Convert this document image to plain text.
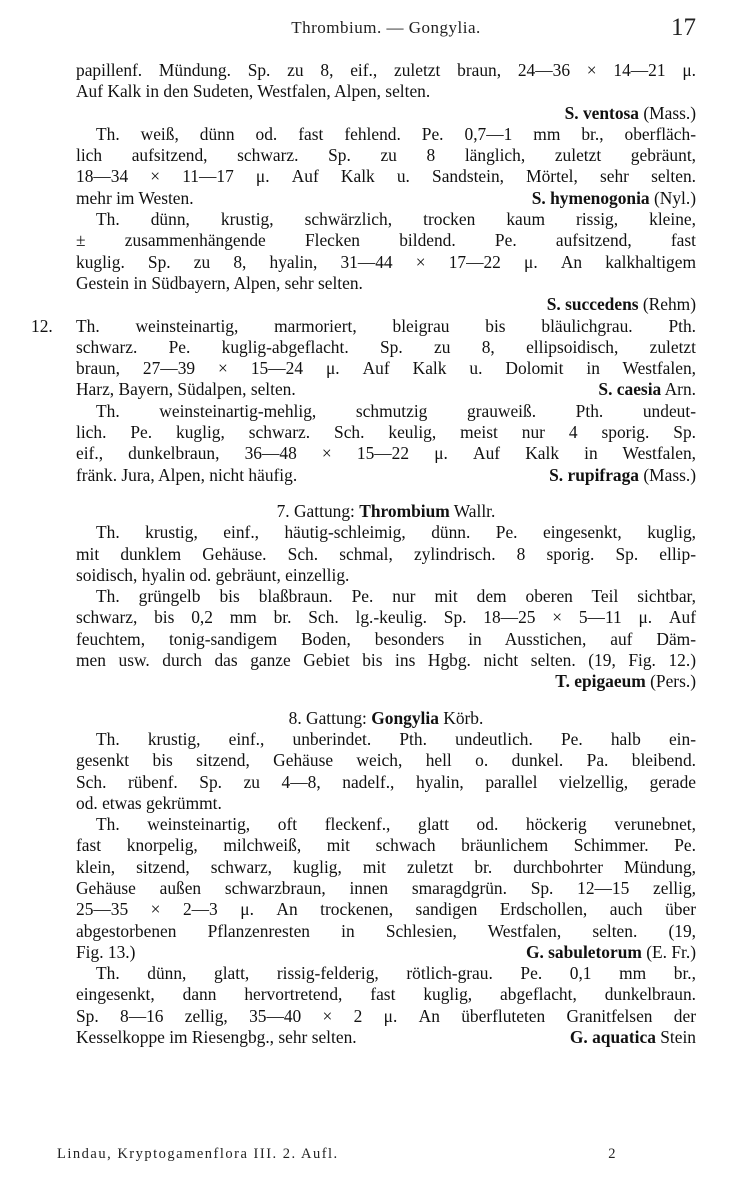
Thrombium. — Gongylia.	17
papillenf. Mündung. Sp. zu 8, eif., zuletzt braun, 24—36 × 14—21 μ.
Auf Kalk in den Sudeten, Westfalen, Alpen, selten.
S. ventosa (Mass.)
Th. weiß, dünn od. fast fehlend. Pe. 0,7—1 mm br., oberfläch-
lich aufsitzend, schwarz. Sp. zu 8 länglich, zuletzt gebräunt,
18—34 × 11—17 μ. Auf Kalk u. Sandstein, Mörtel, sehr selten.
mehr im Westen.	S. hymenogonia (Nyl.)
Th. dünn, krustig, schwärzlich, trocken kaum rissig, kleine,
± zusammenhängende Flecken bildend. Pe. aufsitzend, fast
kuglig. Sp. zu 8, hyalin, 31—44 × 17—22 μ. An kalkhaltigem
Gestein in Südbayern, Alpen, sehr selten.
S. succedens (Rehm)
12. Th. weinsteinartig, marmoriert, bleigrau bis bläulichgrau. Pth.
schwarz. Pe. kuglig-abgeflacht. Sp. zu 8, ellipsoidisch, zuletzt
braun, 27—39 × 15—24 μ. Auf Kalk u. Dolomit in Westfalen,
Harz, Bayern, Südalpen, selten.	S. caesia Arn.
Th. weinsteinartig-mehlig, schmutzig grauweiß. Pth. undeut-
lich. Pe. kuglig, schwarz. Sch. keulig, meist nur 4 sporig. Sp.
eif., dunkelbraun, 36—48 × 15—22 μ. Auf Kalk in Westfalen,
fränk. Jura, Alpen, nicht häufig.	S. rupifraga (Mass.)
7. Gattung: Thrombium Wallr.
Th. krustig, einf., häutig-schleimig, dünn. Pe. eingesenkt, kuglig,
mit dunklem Gehäuse. Sch. schmal, zylindrisch. 8 sporig. Sp. ellip-
soidisch, hyalin od. gebräunt, einzellig.
Th. grüngelb bis blaßbraun. Pe. nur mit dem oberen Teil sichtbar,
schwarz, bis 0,2 mm br. Sch. lg.-keulig. Sp. 18—25 × 5—11 μ. Auf
feuchtem, tonig-sandigem Boden, besonders in Ausstichen, auf Däm-
men usw. durch das ganze Gebiet bis ins Hgbg. nicht selten. (19, Fig. 12.)
T. epigaeum (Pers.)
8. Gattung: Gongylia Körb.
Th. krustig, einf., unberindet. Pth. undeutlich. Pe. halb ein-
gesenkt bis sitzend, Gehäuse weich, hell o. dunkel. Pa. bleibend.
Sch. rübenf. Sp. zu 4—8, nadelf., hyalin, parallel vielzellig, gerade
od. etwas gekrümmt.
Th. weinsteinartig, oft fleckenf., glatt od. höckerig verunebnet,
fast knorpelig, milchweiß, mit schwach bräunlichem Schimmer. Pe.
klein, sitzend, schwarz, kuglig, mit zuletzt br. durchbohrter Mündung,
Gehäuse außen schwarzbraun, innen smaragdgrün. Sp. 12—15 zellig,
25—35 × 2—3 μ. An trockenen, sandigen Erdschollen, auch über
abgestorbenen Pflanzenresten in Schlesien, Westfalen, selten. (19,
Fig. 13.)	G. sabuletorum (E. Fr.)
Th. dünn, glatt, rissig-felderig, rötlich-grau. Pe. 0,1 mm br.,
eingesenkt, dann hervortretend, fast kuglig, abgeflacht, dunkelbraun.
Sp. 8—16 zellig, 35—40 × 2 μ. An überfluteten Granitfelsen der
Kesselkoppe im Riesengbg., sehr selten.	G. aquatica Stein
Lindau, Kryptogamenflora III. 2. Aufl.	2
